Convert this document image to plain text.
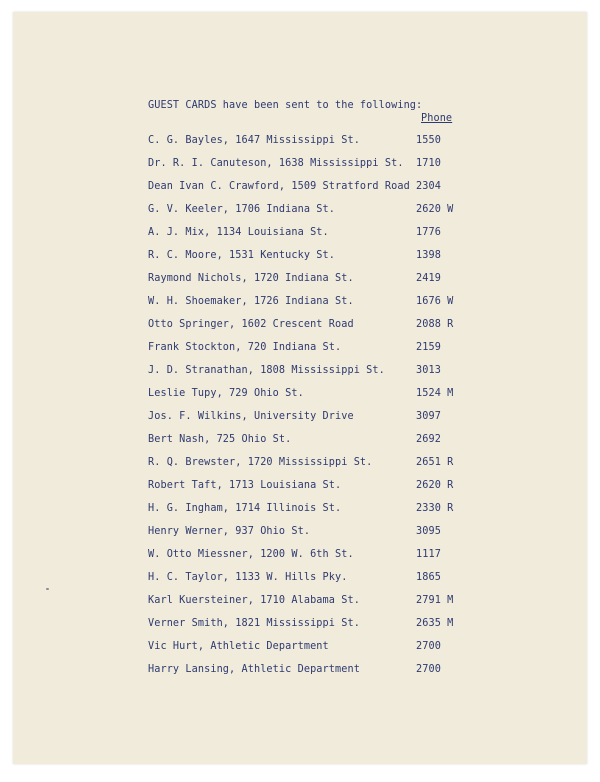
GUEST CARDS have been sent to the following:
Phone
C. G. Bayles, 1647 Mississippi St.	1550
Dr. R. I. Canuteson, 1638 Mississippi St. 1710
Dean Ivan C. Crawford, 1509 Stratford Road 2304
G. V. Keeler, 1706 Indiana St.	2620 W
A. J. Mix, 1134 Louisiana St.	1776
R. C. Moore, 1531 Kentucky St.	1398
Raymond Nichols, 1720 Indiana St.	2419
W. H. Shoemaker, 1726 Indiana St.	1676 W
Otto Springer, 1602 Crescent Road	2088 R
Frank Stockton, 720 Indiana St.	2159
J. D. Stranathan, 1808 Mississippi St.	3013
Leslie Tupy, 729 Ohio St.	1524 M
Jos. F. Wilkins, University Drive	3097
Bert Nash, 725 Ohio St.	2692
R. Q. Brewster, 1720 Mississippi St.	2651 R
Robert Taft, 1713 Louisiana St.	2620 R
H. G. Ingham, 1714 Illinois St.	2330 R
Henry Werner, 937 Ohio St.	3095
W. Otto Miessner, 1200 W. 6th St.	1117
H. C. Taylor, 1133 W. Hills Pky.	1865
Karl Kuersteiner, 1710 Alabama St.	2791 M
Verner Smith, 1821 Mississippi St.	2635 M
Vic Hurt, Athletic Department	2700
Harry Lansing, Athletic Department	2700
